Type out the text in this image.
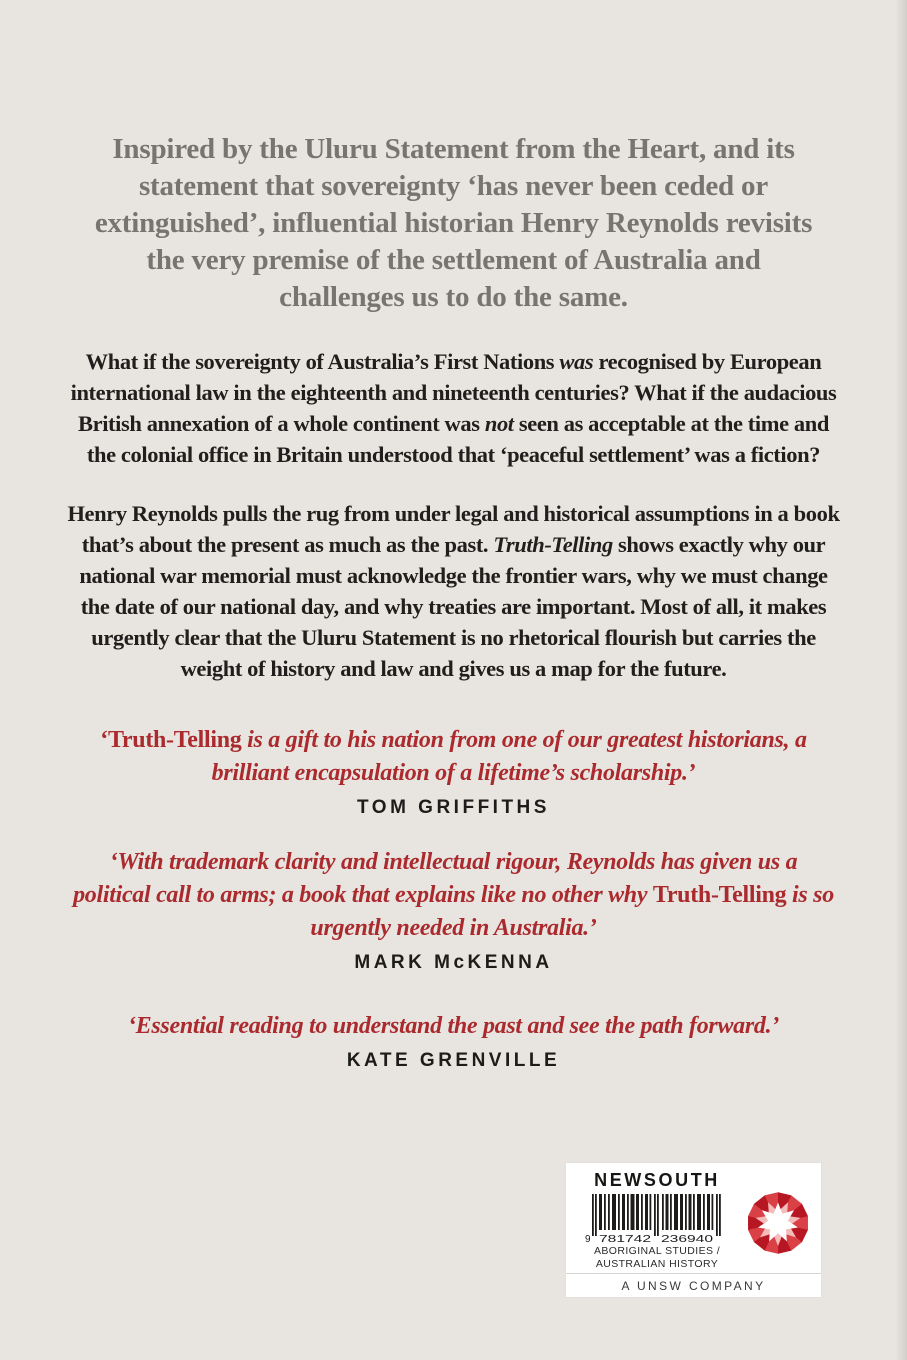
Inspired by the Uluru Statement from the Heart, and its statement that sovereignty ‘has never been ceded or extinguished’, influential historian Henry Reynolds revisits the very premise of the settlement of Australia and challenges us to do the same.

What if the sovereignty of Australia’s First Nations was recognised by European international law in the eighteenth and nineteenth centuries? What if the audacious British annexation of a whole continent was not seen as acceptable at the time and the colonial office in Britain understood that ‘peaceful settlement’ was a fiction?

Henry Reynolds pulls the rug from under legal and historical assumptions in a book that’s about the present as much as the past. Truth-Telling shows exactly why our national war memorial must acknowledge the frontier wars, why we must change the date of our national day, and why treaties are important. Most of all, it makes urgently clear that the Uluru Statement is no rhetorical flourish but carries the weight of history and law and gives us a map for the future.

‘Truth-Telling is a gift to his nation from one of our greatest historians, a brilliant encapsulation of a lifetime’s scholarship.’
TOM GRIFFITHS
‘With trademark clarity and intellectual rigour, Reynolds has given us a political call to arms; a book that explains like no other why Truth-Telling is so urgently needed in Australia.’
MARK McKENNA
‘Essential reading to understand the past and see the path forward.’
KATE GRENVILLE
NEWSOUTH
9 781742 236940
ABORIGINAL STUDIES /
AUSTRALIAN HISTORY
A UNSW COMPANY
